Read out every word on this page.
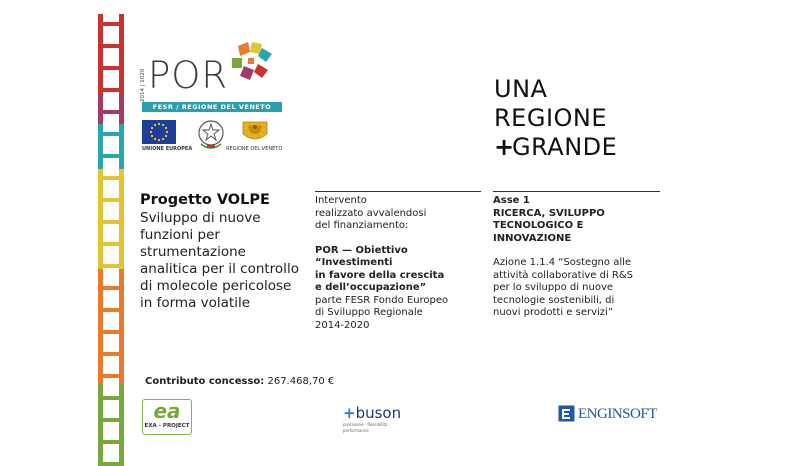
2014 | 2020 POR
FESR / REGIONE DEL VENETO
UNIONE EUROPEA	REGIONE DEL VENETO
UNA
REGIONE
+GRANDE
Progetto VOLPE
Sviluppo di nuove funzioni per strumentazione analitica per il controllo di molecole pericolose in forma volatile
Intervento
realizzato avvalendosi
del finanziamento:
POR — Obiettivo
“Investimenti
in favore della crescita
e dell’occupazione”
parte FESR Fondo Europeo
di Sviluppo Regionale
2014-2020
Asse 1
RICERCA, SVILUPPO
TECNOLOGICO E
INNOVAZIONE
Azione 1.1.4 “Sostegno alle
attività collaborative di R&S
per lo sviluppo di nuove
tecnologie sostenibili, di
nuovi prodotti e servizi”
Contributo concesso: 267.468,70 €
ea
EXA - PROJECT
+buson
precisione · flessibilità · performance
ENGINSOFT
